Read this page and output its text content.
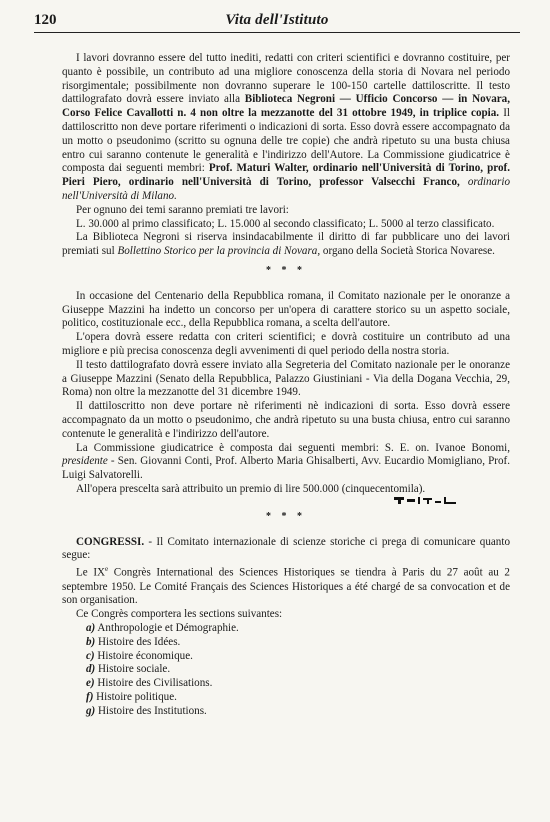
120	Vita dell'Istituto

I lavori dovranno essere del tutto inediti, redatti con criteri scientifici e dovranno costituire, per quanto è possibile, un contributo ad una migliore conoscenza della storia di Novara nel periodo risorgimentale; possibilmente non dovranno superare le 100-150 cartelle dattiloscritte. Il testo dattilografato dovrà essere inviato alla Biblioteca Negroni — Ufficio Concorso — in Novara, Corso Felice Cavallotti n. 4 non oltre la mezzanotte del 31 ottobre 1949, in triplice copia. Il dattiloscritto non deve portare riferimenti o indicazioni di sorta. Esso dovrà essere accompagnato da un motto o pseudonimo (scritto su ognuna delle tre copie) che andrà ripetuto su una busta chiusa entro cui saranno contenute le generalità e l'indirizzo dell'Autore. La Commissione giudicatrice è composta dai seguenti membri: Prof. Maturi Walter, ordinario nell'Università di Torino, prof. Pieri Piero, ordinario nell'Università di Torino, professor Valsecchi Franco, ordinario nell'Università di Milano.

Per ognuno dei temi saranno premiati tre lavori:

L. 30.000 al primo classificato; L. 15.000 al secondo classificato; L. 5000 al terzo classificato.

La Biblioteca Negroni si riserva insindacabilmente il diritto di far pubblicare uno dei lavori premiati sul Bollettino Storico per la provincia di Novara, organo della Società Storica Novarese.

* * *

In occasione del Centenario della Repubblica romana, il Comitato nazionale per le onoranze a Giuseppe Mazzini ha indetto un concorso per un'opera di carattere storico su un aspetto sociale, politico, costituzionale ecc., della Repubblica romana, a scelta dell'autore.

L'opera dovrà essere redatta con criteri scientifici; e dovrà costituire un contributo ad una migliore e più precisa conoscenza degli avvenimenti di quel periodo della nostra storia.

Il testo dattilografato dovrà essere inviato alla Segreteria del Comitato nazionale per le onoranze a Giuseppe Mazzini (Senato della Repubblica, Palazzo Giustiniani - Via della Dogana Vecchia, 29, Roma) non oltre la mezzanotte del 31 dicembre 1949.

Il dattiloscritto non deve portare nè riferimenti nè indicazioni di sorta. Esso dovrà essere accompagnato da un motto o pseudonimo, che andrà ripetuto su una busta chiusa, entro cui saranno contenute le generalità e l'indirizzo dell'autore.

La Commissione giudicatrice è composta dai seguenti membri: S. E. on. Ivanoe Bonomi, presidente - Sen. Giovanni Conti, Prof. Alberto Maria Ghisalberti, Avv. Eucardio Momigliano, Prof. Luigi Salvatorelli.

All'opera prescelta sarà attribuito un premio di lire 500.000 (cinquecentomila).

* * *

CONGRESSI. - Il Comitato internazionale di scienze storiche ci prega di comunicare quanto segue:

Le IXe Congrès International des Sciences Historiques se tiendra à Paris du 27 août au 2 septembre 1950. Le Comité Français des Sciences Historiques a été chargé de sa convocation et de son organisation.

Ce Congrès comportera les sections suivantes:

a) Anthropologie et Démographie.

b) Histoire des Idées.

c) Histoire économique.

d) Histoire sociale.

e) Histoire des Civilisations.

f) Histoire politique.

g) Histoire des Institutions.
